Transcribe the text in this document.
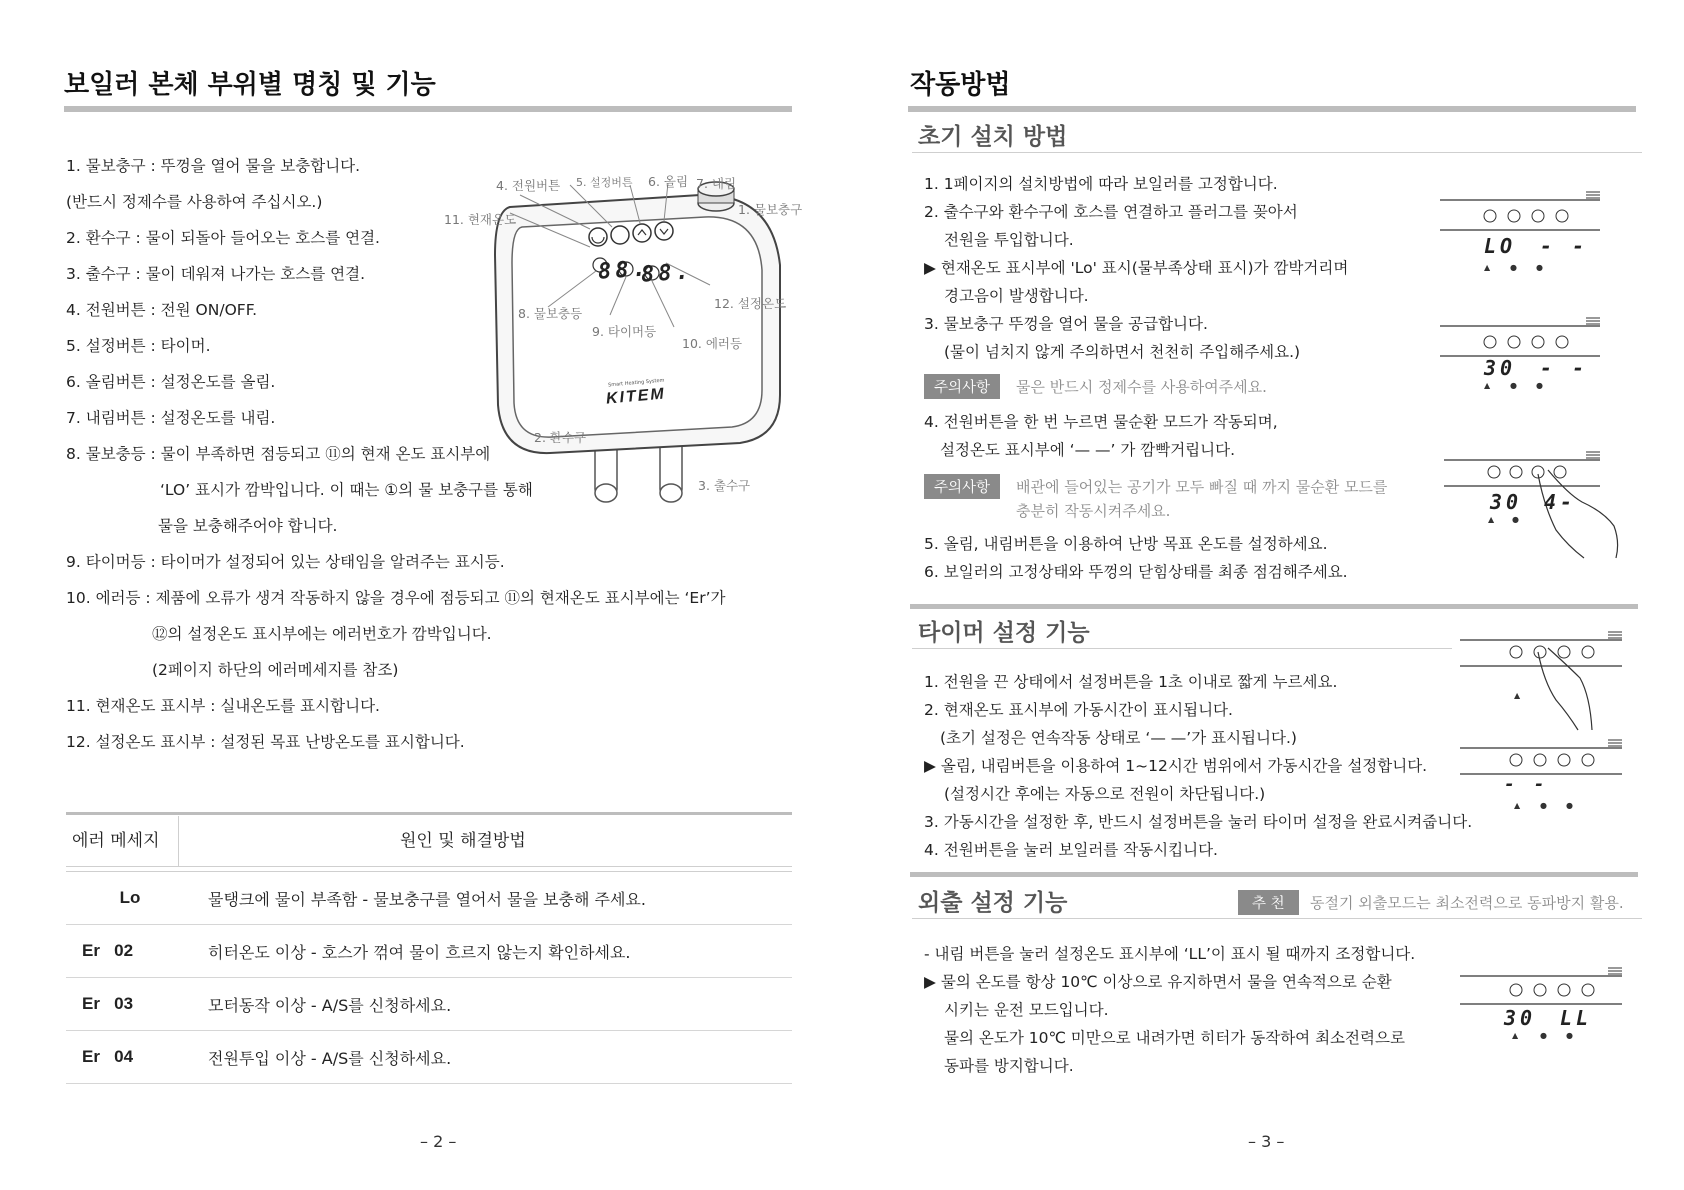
보일러 본체 부위별 명칭 및 기능
1. 물보충구 : 뚜껑을 열어 물을 보충합니다.
(반드시 정제수를 사용하여 주십시오.)
2. 환수구 : 물이 되돌아 들어오는 호스를 연결.
3. 출수구 : 물이 데워져 나가는 호스를 연결.
4. 전원버튼 : 전원 ON/OFF.
5. 설정버튼 : 타이머.
6. 올림버튼 : 설정온도를 올림.
7. 내림버튼 : 설정온도를 내림.
8. 물보충등 : 물이 부족하면 점등되고 ⑪의 현재 온도 표시부에
‘LO’ 표시가 깜박입니다. 이 때는 ①의 물 보충구를 통해
물을 보충해주어야 합니다.
9. 타이머등 : 타이머가 설정되어 있는 상태임을 알려주는 표시등.
10. 에러등 : 제품에 오류가 생겨 작동하지 않을 경우에 점등되고 ⑪의 현재온도 표시부에는 ‘Er’가
⑫의 설정온도 표시부에는 에러번호가 깜박입니다.
(2페이지 하단의 에러메세지를 참조)
11. 현재온도 표시부 : 실내온도를 표시합니다.
12. 설정온도 표시부 : 설정된 목표 난방온도를 표시합니다.
88.
88.
KITEM
Smart Heating System
4. 전원버튼 5. 설정버튼 6. 올림 7. 내림
1. 물보충구
11. 현재온도
12. 설정온도
8. 물보충등
9. 타이머등
10. 에러등
2. 환수구
3. 출수구
에러 메세지	원인 및 해결방법
Lo	물탱크에 물이 부족함 - 물보충구를 열어서 물을 보충해 주세요.
Er   02	히터온도 이상 - 호스가 꺾여 물이 흐르지 않는지 확인하세요.
Er   03	모터동작 이상 - A/S를 신청하세요.
Er   04	전원투입 이상 - A/S를 신청하세요.
– 2 –
작동방법
초기 설치 방법
1. 1페이지의 설치방법에 따라 보일러를 고정합니다.
2. 출수구와 환수구에 호스를 연결하고 플러그를 꽂아서
전원을 투입합니다.
▶ 현재온도 표시부에 'Lo' 표시(물부족상태 표시)가 깜박거리며
경고음이 발생합니다.
3. 물보충구 뚜껑을 열어 물을 공급합니다.
(물이 넘치지 않게 주의하면서 천천히 주입해주세요.)
주의사항	물은 반드시 정제수를 사용하여주세요.
4. 전원버튼을 한 번 누르면 물순환 모드가 작동되며,
설정온도 표시부에 ‘— —’ 가 깜빡거립니다.
주의사항	배관에 들어있는 공기가 모두 빠질 때 까지 물순환 모드를
충분히 작동시켜주세요.
5. 올림, 내림버튼을 이용하여 난방 목표 온도를 설정하세요.
6. 보일러의 고정상태와 뚜껑의 닫힘상태를 최종 점검해주세요.
타이머 설정 기능
1. 전원을 끈 상태에서 설정버튼을 1초 이내로 짧게 누르세요.
2. 현재온도 표시부에 가동시간이 표시됩니다.
(초기 설정은 연속작동 상태로 ‘— —’가 표시됩니다.)
▶ 올림, 내림버튼을 이용하여 1~12시간 범위에서 가동시간을 설정합니다.
(설정시간 후에는 자동으로 전원이 차단됩니다.)
3. 가동시간을 설정한 후, 반드시 설정버튼을 눌러 타이머 설정을 완료시켜줍니다.
4. 전원버튼을 눌러 보일러를 작동시킵니다.
외출 설정 기능	추 천	동절기 외출모드는 최소전력으로 동파방지 활용.
- 내림 버튼을 눌러 설정온도 표시부에 ‘LL’이 표시 될 때까지 조정합니다.
▶ 물의 온도를 항상 10℃ 이상으로 유지하면서 물을 연속적으로 순환
시키는 운전 모드입니다.
물의 온도가 10℃ 미만으로 내려가면 히터가 동작하여 최소전력으로
동파를 방지합니다.
▲ ● ●
LO - -
▲ ● ●
30 - -
▲ ●
30 4-
▲
▲ ● ●
- -
▲	● ●
30 LL
– 3 –
